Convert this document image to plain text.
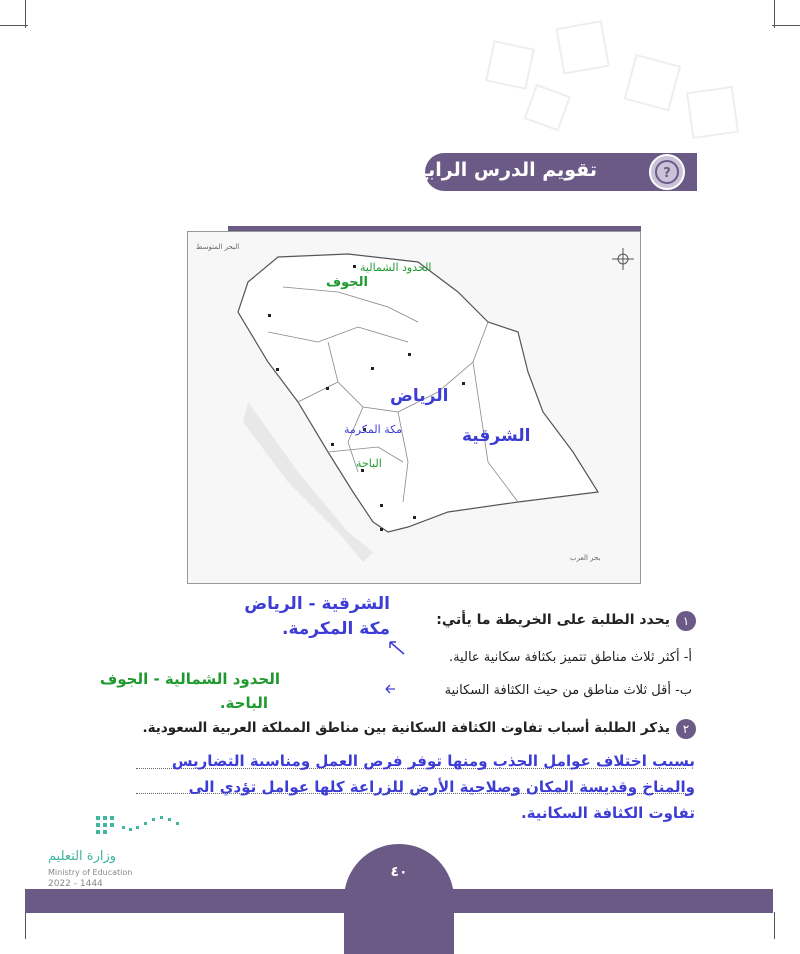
?
تقويم الدرس الرابع
البحر المتوسط
بحر العرب
الحدود الشمالية
الجوف
الباحة
الرياض
مكة المكرمة	الشرقية
١
يحدد الطلبة على الخريطة ما يأتي:
الشرقية - الرياض
مكة المكرمة.
أ- أكثر ثلاث مناطق تتميز بكثافة سكانية عالية.
الحدود الشمالية - الجوف
الباحة.
ب- أقل ثلاث مناطق من حيث الكثافة السكانية
٢
يذكر الطلبة أسباب تفاوت الكثافة السكانية بين مناطق المملكة العربية السعودية.
بسبب اختلاف عوامل الجذب ومنها توفر فرص العمل ومناسبة التضاريس
والمناخ وقديسة المكان وصلاحية الأرض للزراعة كلها عوامل تؤدي الى
تفاوت الكثافة السكانية.
وزارة التعليم
Ministry of Education
2022 - 1444
٤٠
